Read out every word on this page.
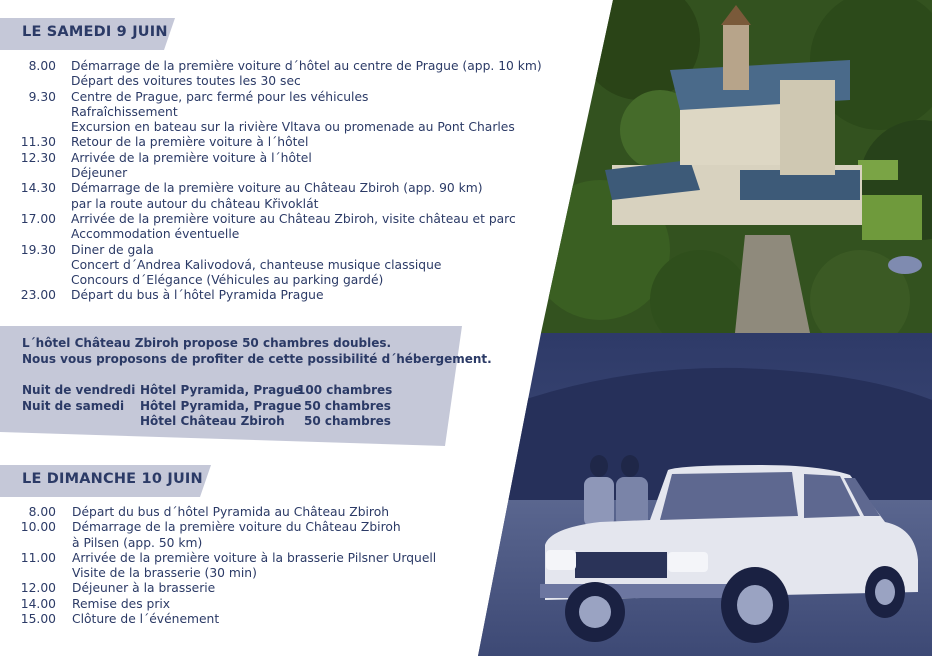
LE SAMEDI 9 JUIN
8.00 Démarrage de la première voiture d´hôtel au centre de Prague (app. 10 km)
Départ des voitures toutes les 30 sec
9.30 Centre de Prague, parc fermé pour les véhicules
Rafraîchissement
Excursion en bateau sur la rivière Vltava ou promenade au Pont Charles
11.30 Retour de la première voiture à l´hôtel
12.30 Arrivée de la première voiture à l´hôtel
Déjeuner
14.30 Démarrage de la première voiture au Château Zbiroh (app. 90 km)
par la route autour du château Křivoklát
17.00 Arrivée de la première voiture au Château Zbiroh, visite château et parc
Accommodation éventuelle
19.30 Diner de gala
Concert d´Andrea Kalivodová, chanteuse musique classique
Concours d´Elégance (Véhicules au parking gardé)
23.00 Départ du bus à l´hôtel Pyramida Prague
L´hôtel Château Zbiroh propose 50 chambres doubles.
Nous vous proposons de profiter de cette possibilité d´hébergement.
Nuit de vendredi Hôtel Pyramida, Prague
100 chambres
Nuit de samedi Hôtel Pyramida, Prague 50 chambres
Hôtel Château Zbiroh 50 chambres
LE DIMANCHE 10 JUIN
8.00 Départ du bus d´hôtel Pyramida au Château Zbiroh
10.00 Démarrage de la première voiture du Château Zbiroh
à Pilsen (app. 50 km)
11.00 Arrivée de la première voiture à la brasserie Pilsner Urquell
Visite de la brasserie (30 min)
12.00 Déjeuner à la brasserie
14.00 Remise des prix
15.00 Clôture de l´événement
